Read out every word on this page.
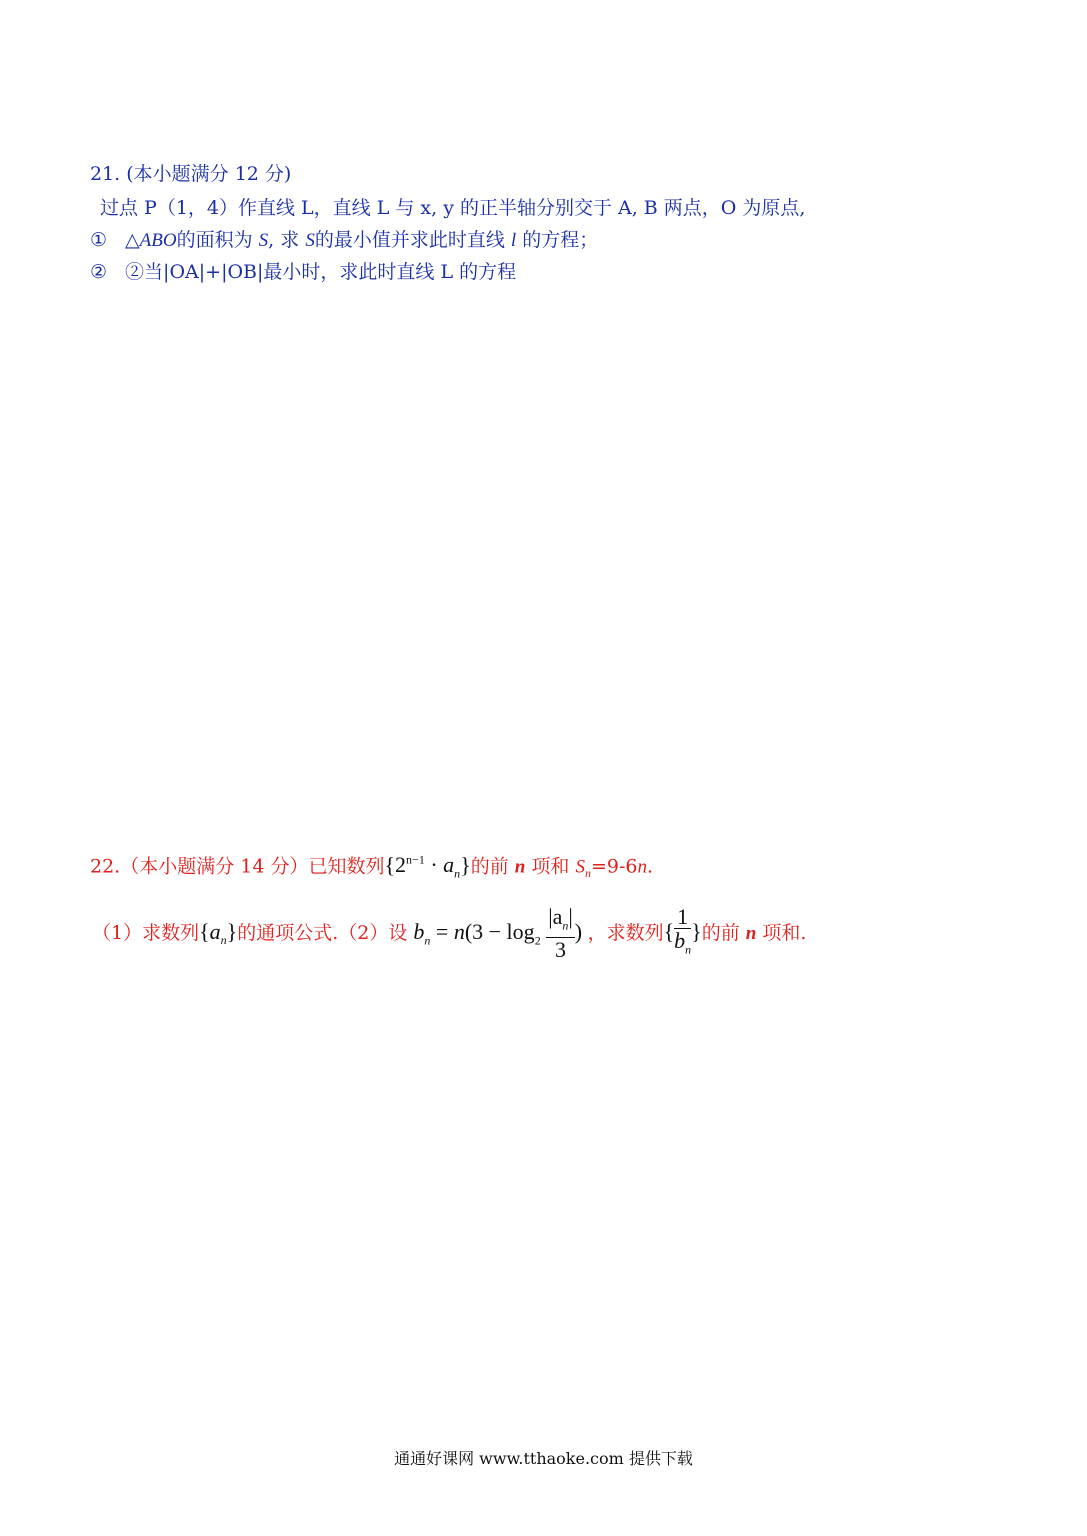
21. (本小题满分 12 分)
过点 P（1，4）作直线 L，直线 L 与 x, y 的正半轴分别交于 A, B 两点，O 为原点,
① △ABO的面积为 S, 求 S的最小值并求此时直线 l 的方程；
② ②当|OA|+|OB|最小时，求此时直线 L 的方程
22.（本小题满分 14 分）已知数列$\{2^{n-1} \cdot a_n\}$的前 n 项和 $S_n=9-6n$.
（1）求数列$\{a_n\}$的通项公式.（2）设 $b_n = n(3 - \log_2 \frac{|a_n|}{3}$ ) ，求数列{ $\frac{1}{b_n}$ }的前 n 项和.
通通好课网 www.tthaoke.com 提供下载
